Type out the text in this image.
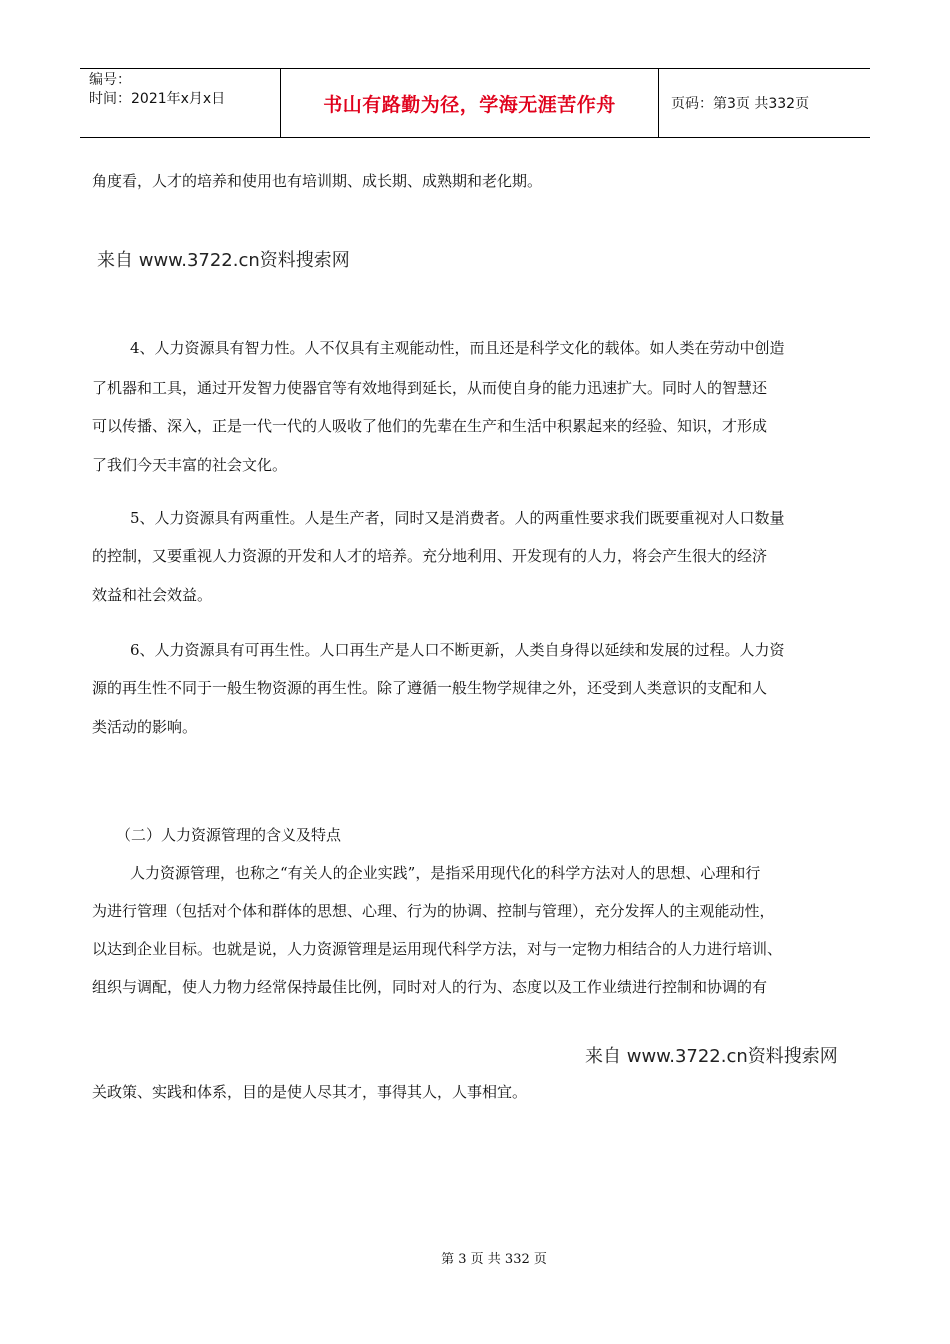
编号：
时间：2021年x月x日	书山有路勤为径，学海无涯苦作舟	页码：第3页 共332页
角度看，人才的培养和使用也有培训期、成长期、成熟期和老化期。
来自 www.3722.cn资料搜索网
4、人力资源具有智力性。人不仅具有主观能动性，而且还是科学文化的载体。如人类在劳动中创造
了机器和工具，通过开发智力使器官等有效地得到延长，从而使自身的能力迅速扩大。同时人的智慧还
可以传播、深入，正是一代一代的人吸收了他们的先辈在生产和生活中积累起来的经验、知识，才形成
了我们今天丰富的社会文化。
5、人力资源具有两重性。人是生产者，同时又是消费者。人的两重性要求我们既要重视对人口数量
的控制，又要重视人力资源的开发和人才的培养。充分地利用、开发现有的人力，将会产生很大的经济
效益和社会效益。
6、人力资源具有可再生性。人口再生产是人口不断更新，人类自身得以延续和发展的过程。人力资
源的再生性不同于一般生物资源的再生性。除了遵循一般生物学规律之外，还受到人类意识的支配和人
类活动的影响。
（二）人力资源管理的含义及特点
人力资源管理，也称之“有关人的企业实践”，是指采用现代化的科学方法对人的思想、心理和行
为进行管理（包括对个体和群体的思想、心理、行为的协调、控制与管理），充分发挥人的主观能动性，
以达到企业目标。也就是说，人力资源管理是运用现代科学方法，对与一定物力相结合的人力进行培训、
组织与调配，使人力物力经常保持最佳比例，同时对人的行为、态度以及工作业绩进行控制和协调的有
来自 www.3722.cn资料搜索网
关政策、实践和体系，目的是使人尽其才，事得其人，人事相宜。
第 3 页 共 332 页
